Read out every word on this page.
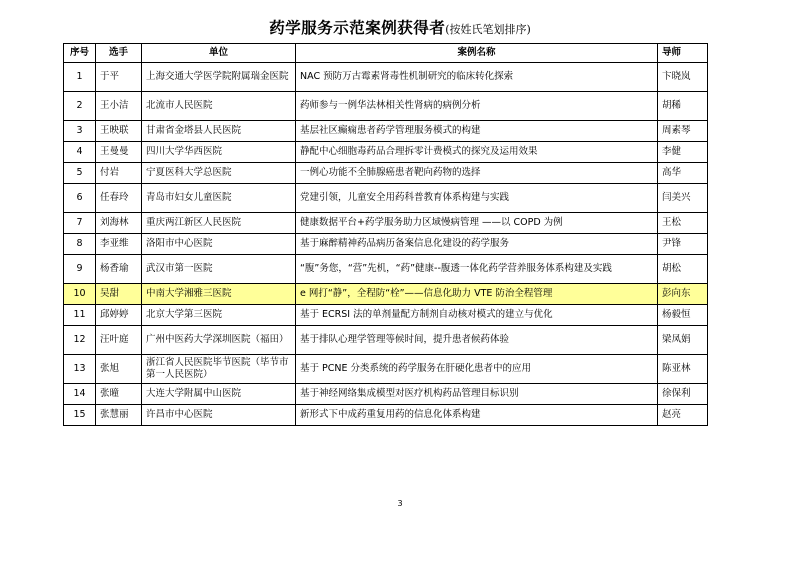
药学服务示范案例获得者(按姓氏笔划排序)
序号	选手	单位	案例名称	导师
1	于平	上海交通大学医学院附属瑞金医院	NAC 预防万古霉素肾毒性机制研究的临床转化探索	卞晓岚
2	王小洁	北流市人民医院	药师参与一例华法林相关性肾病的病例分析	胡稀
3	王映联	甘肃省金塔县人民医院	基层社区癫痫患者药学管理服务模式的构建	周素琴
4	王曼曼	四川大学华西医院	静配中心细胞毒药品合理拆零计费模式的探究及运用效果	李健
5	付岩	宁夏医科大学总医院	一例心功能不全肺腺癌患者靶向药物的选择	高华
6	任春玲	青岛市妇女儿童医院	党建引领，儿童安全用药科普教育体系构建与实践	闫美兴
7	刘海林	重庆两江新区人民医院	健康数据平台+药学服务助力区域慢病管理 ——以 COPD 为例	王松
8	李亚维	洛阳市中心医院	基于麻醉精神药品病历备案信息化建设的药学服务	尹锋
9	杨香瑜	武汉市第一医院	“腹”务您，“营”先机，“药”健康--腹透一体化药学营养服务体系构建及实践	胡松
10	吴甜	中南大学湘雅三医院	e 网打“静”，全程防“栓”——信息化助力 VTE 防治全程管理	彭向东
11	邱婷婷	北京大学第三医院	基于 ECRSI 法的单剂量配方制剂自动核对模式的建立与优化	杨毅恒
12	汪叶庭	广州中医药大学深圳医院（福田）	基于排队心理学管理等候时间，提升患者候药体验	梁凤娟
13	张旭	浙江省人民医院毕节医院（毕节市第一人民医院）	基于 PCNE 分类系统的药学服务在肝硬化患者中的应用	陈亚林
14	张曈	大连大学附属中山医院	基于神经网络集成模型对医疗机构药品管理目标识别	徐保利
15	张慧丽	许昌市中心医院	新形式下中成药重复用药的信息化体系构建	赵亮
3
